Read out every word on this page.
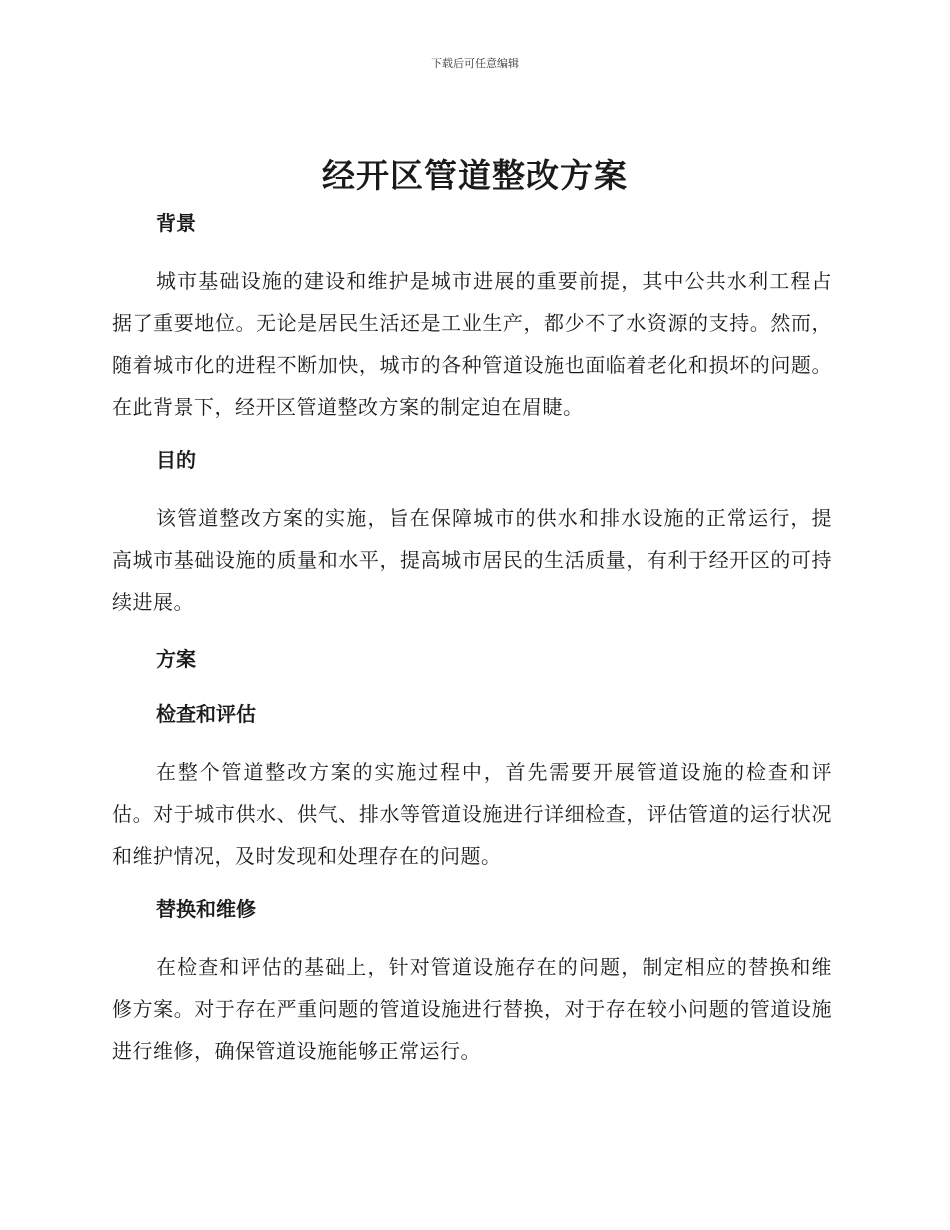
下载后可任意编辑
经开区管道整改方案
背景

城市基础设施的建设和维护是城市进展的重要前提，其中公共水利工程占据了重要地位。无论是居民生活还是工业生产，都少不了水资源的支持。然而，随着城市化的进程不断加快，城市的各种管道设施也面临着老化和损坏的问题。在此背景下，经开区管道整改方案的制定迫在眉睫。

目的

该管道整改方案的实施，旨在保障城市的供水和排水设施的正常运行，提高城市基础设施的质量和水平，提高城市居民的生活质量，有利于经开区的可持续进展。

方案
检查和评估

在整个管道整改方案的实施过程中，首先需要开展管道设施的检查和评估。对于城市供水、供气、排水等管道设施进行详细检查，评估管道的运行状况和维护情况，及时发现和处理存在的问题。

替换和维修

在检查和评估的基础上，针对管道设施存在的问题，制定相应的替换和维修方案。对于存在严重问题的管道设施进行替换，对于存在较小问题的管道设施进行维修，确保管道设施能够正常运行。
